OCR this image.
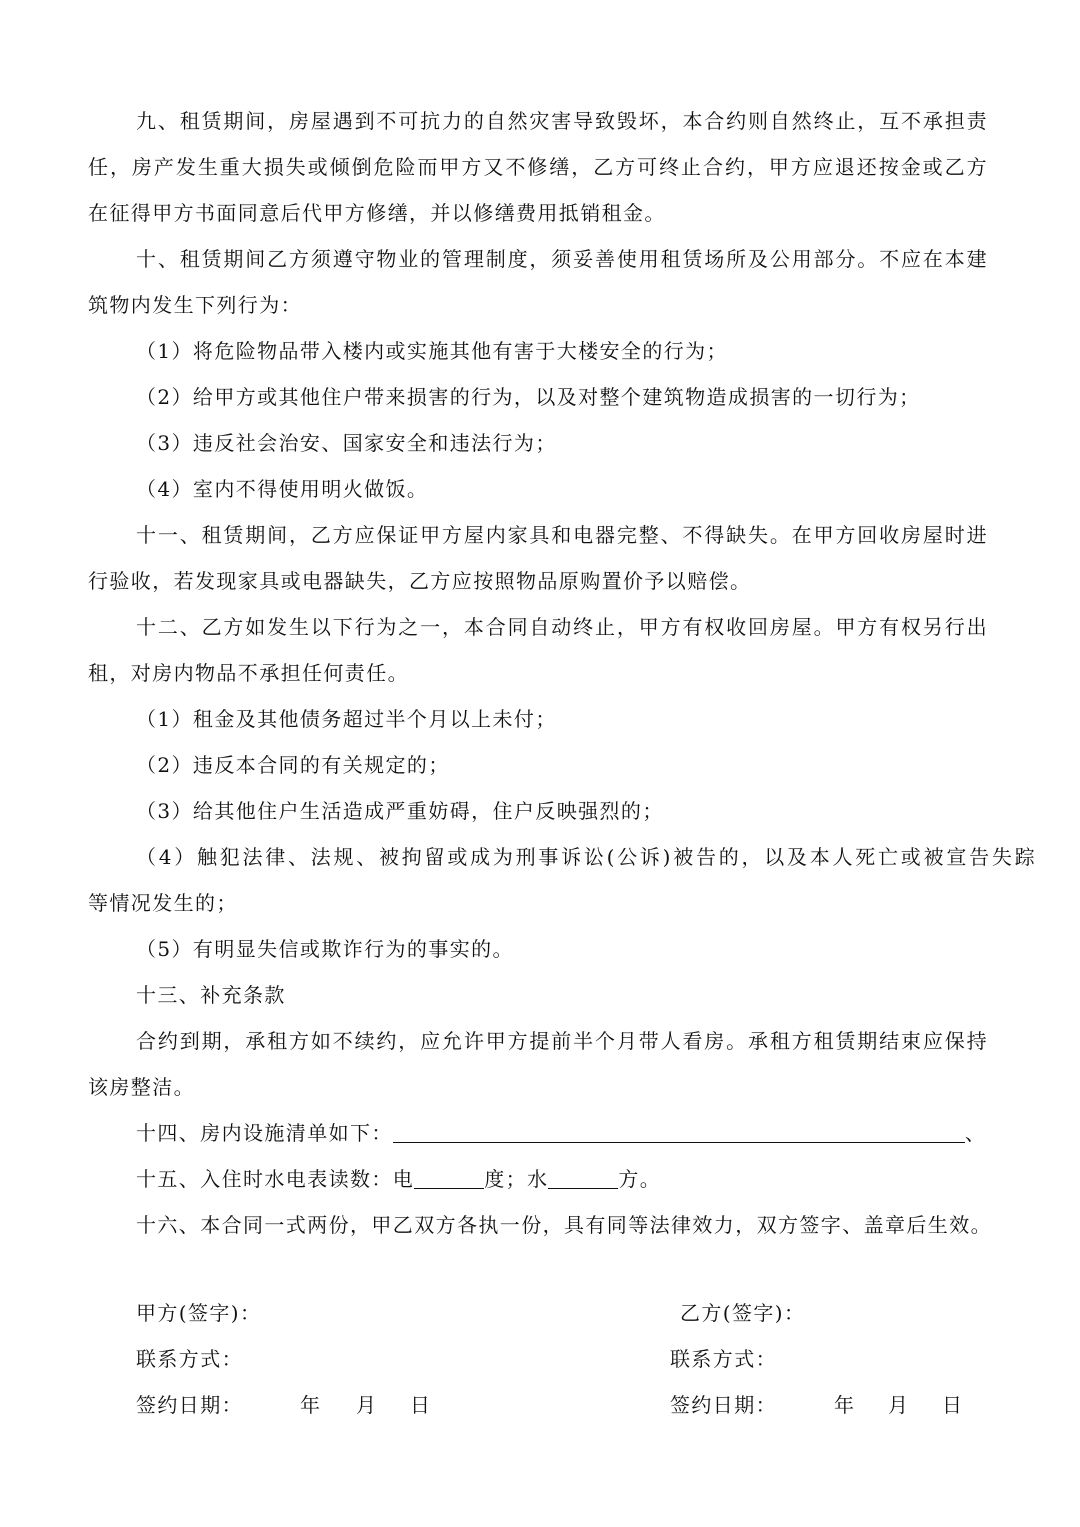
九、租赁期间，房屋遇到不可抗力的自然灾害导致毁坏，本合约则自然终止，互不承担责
任，房产发生重大损失或倾倒危险而甲方又不修缮，乙方可终止合约，甲方应退还按金或乙方
在征得甲方书面同意后代甲方修缮，并以修缮费用抵销租金。
十、租赁期间乙方须遵守物业的管理制度，须妥善使用租赁场所及公用部分。不应在本建
筑物内发生下列行为：
（1）将危险物品带入楼内或实施其他有害于大楼安全的行为；
（2）给甲方或其他住户带来损害的行为，以及对整个建筑物造成损害的一切行为；
（3）违反社会治安、国家安全和违法行为；
（4）室内不得使用明火做饭。
十一、租赁期间，乙方应保证甲方屋内家具和电器完整、不得缺失。在甲方回收房屋时进
行验收，若发现家具或电器缺失，乙方应按照物品原购置价予以赔偿。
十二、乙方如发生以下行为之一，本合同自动终止，甲方有权收回房屋。甲方有权另行出
租，对房内物品不承担任何责任。
（1）租金及其他债务超过半个月以上未付；
（2）违反本合同的有关规定的；
（3）给其他住户生活造成严重妨碍，住户反映强烈的；
（4）触犯法律、法规、被拘留或成为刑事诉讼(公诉)被告的，以及本人死亡或被宣告失踪
等情况发生的；
（5）有明显失信或欺诈行为的事实的。
十三、补充条款
合约到期，承租方如不续约，应允许甲方提前半个月带人看房。承租方租赁期结束应保持
该房整洁。
十四、房内设施清单如下：	、
十五、入住时水电表读数：电	度；水	方。
十六、本合同一式两份，甲乙双方各执一份，具有同等法律效力，双方签字、盖章后生效。
甲方(签字)：	乙方(签字)：
联系方式：	联系方式：
签约日期：	年 月 日	签约日期：	年 月 日
